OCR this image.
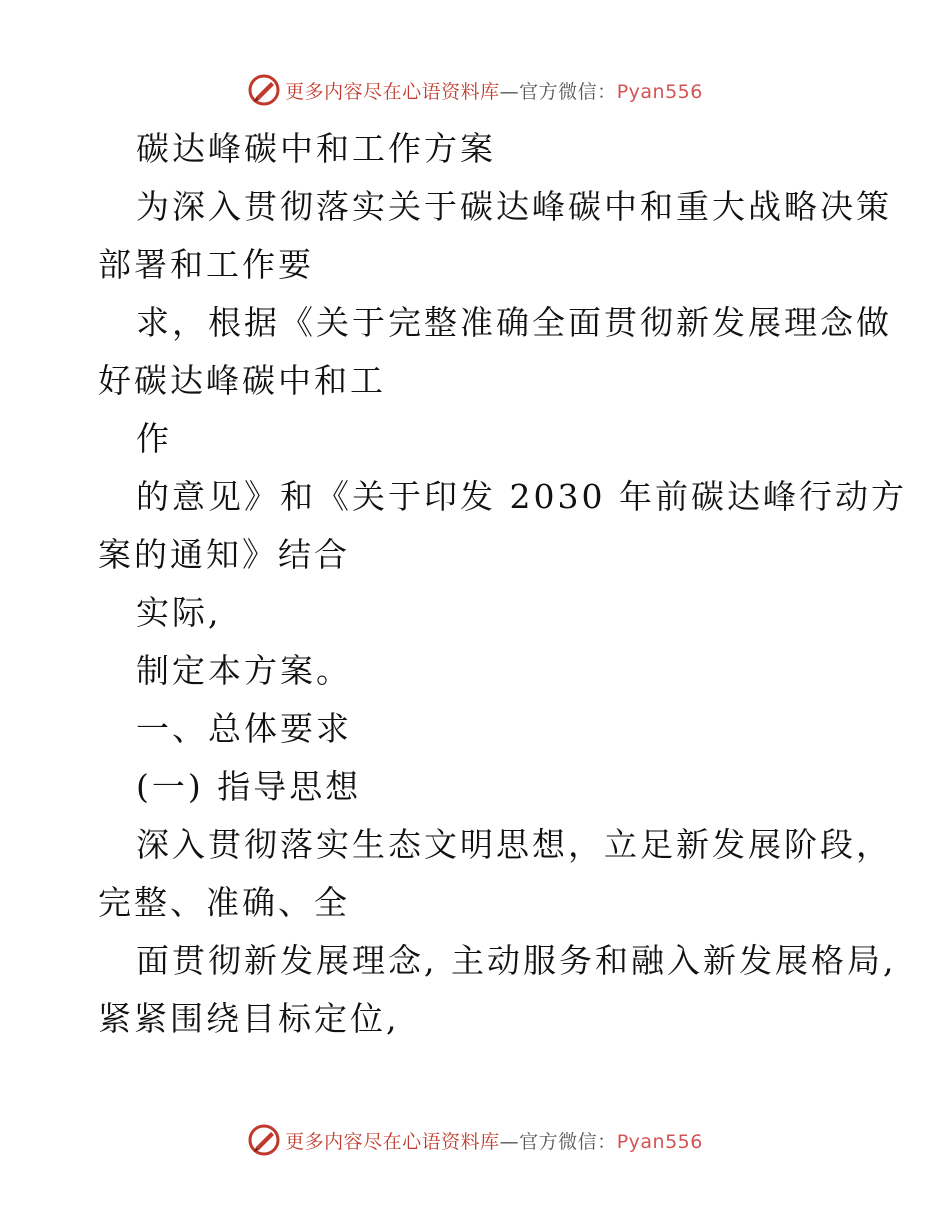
更多内容尽在心语资料库—官方微信：Pyan556

碳达峰碳中和工作方案

为深入贯彻落实关于碳达峰碳中和重大战略决策

部署和工作要

求，根据《关于完整准确全面贯彻新发展理念做

好碳达峰碳中和工

作

的意见》和《关于印发 2030 年前碳达峰行动方

案的通知》结合

实际,

制定本方案。

一、总体要求

(一) 指导思想

深入贯彻落实生态文明思想，立足新发展阶段，

完整、准确、全

面贯彻新发展理念, 主动服务和融入新发展格局,

紧紧围绕目标定位,

更多内容尽在心语资料库—官方微信：Pyan556
